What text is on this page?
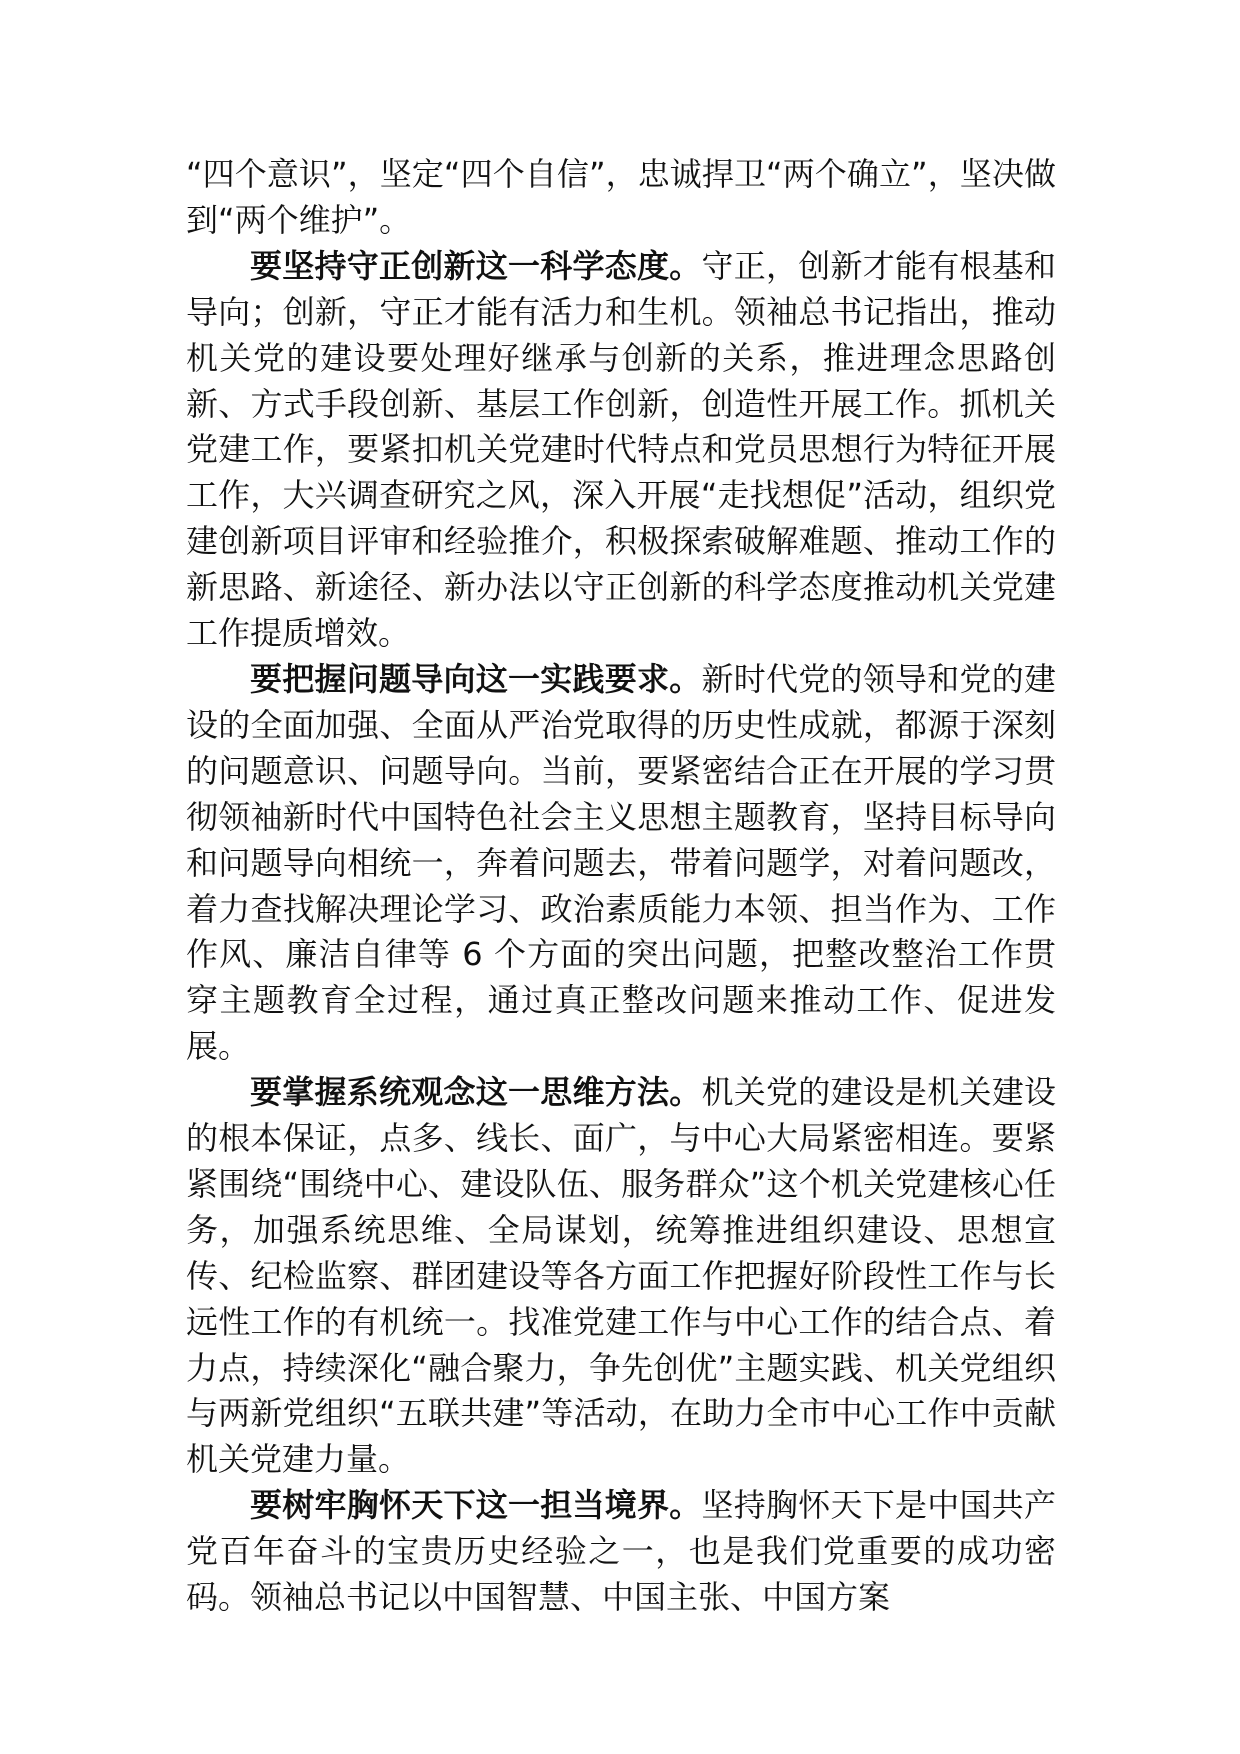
“四个意识”，坚定“四个自信”，忠诚捍卫“两个确立”，坚决做到“两个维护”。

要坚持守正创新这一科学态度。守正，创新才能有根基和导向；创新，守正才能有活力和生机。领袖总书记指出，推动机关党的建设要处理好继承与创新的关系，推进理念思路创新、方式手段创新、基层工作创新，创造性开展工作。抓机关党建工作，要紧扣机关党建时代特点和党员思想行为特征开展工作，大兴调查研究之风，深入开展“走找想促”活动，组织党建创新项目评审和经验推介，积极探索破解难题、推动工作的新思路、新途径、新办法以守正创新的科学态度推动机关党建工作提质增效。

要把握问题导向这一实践要求。新时代党的领导和党的建设的全面加强、全面从严治党取得的历史性成就，都源于深刻的问题意识、问题导向。当前，要紧密结合正在开展的学习贯彻领袖新时代中国特色社会主义思想主题教育，坚持目标导向和问题导向相统一，奔着问题去，带着问题学，对着问题改，着力查找解决理论学习、政治素质能力本领、担当作为、工作作风、廉洁自律等 6 个方面的突出问题，把整改整治工作贯穿主题教育全过程，通过真正整改问题来推动工作、促进发展。

要掌握系统观念这一思维方法。机关党的建设是机关建设的根本保证，点多、线长、面广，与中心大局紧密相连。要紧紧围绕“围绕中心、建设队伍、服务群众”这个机关党建核心任务，加强系统思维、全局谋划，统筹推进组织建设、思想宣传、纪检监察、群团建设等各方面工作把握好阶段性工作与长远性工作的有机统一。找准党建工作与中心工作的结合点、着力点，持续深化“融合聚力，争先创优”主题实践、机关党组织与两新党组织“五联共建”等活动，在助力全市中心工作中贡献机关党建力量。

要树牢胸怀天下这一担当境界。坚持胸怀天下是中国共产党百年奋斗的宝贵历史经验之一，也是我们党重要的成功密码。领袖总书记以中国智慧、中国主张、中国方案
